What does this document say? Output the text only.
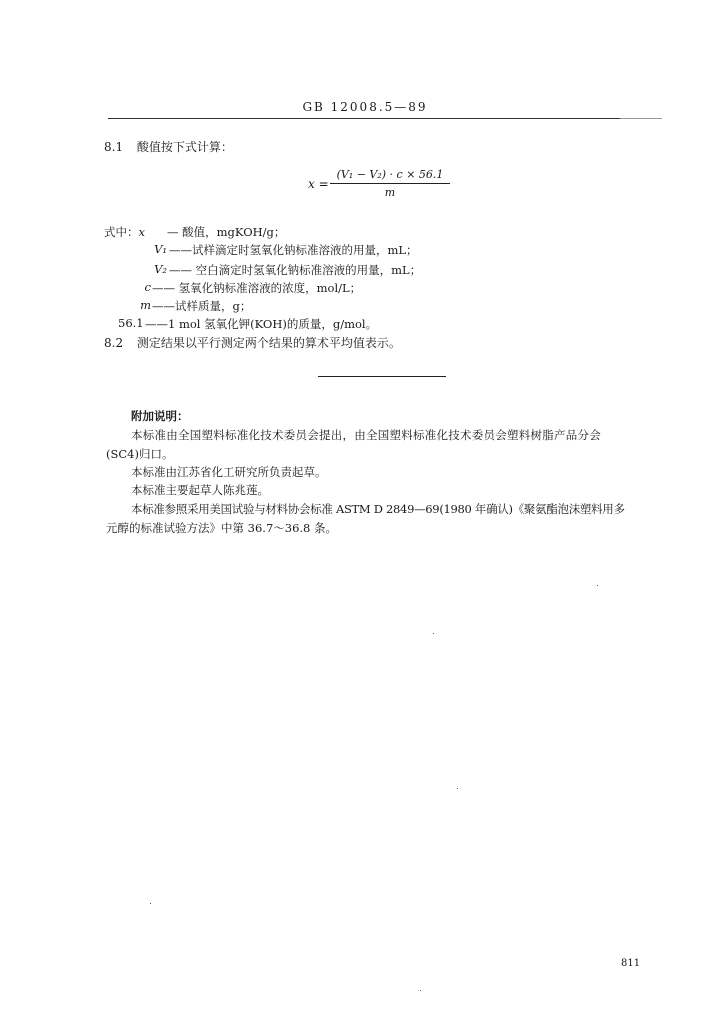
GB 12008.5—89
8.1 酸值按下式计算：
$x = \frac{\text{(V₁ − V₂) · c × 56.1}}{m}$
式中：x — 酸值，mgKOH/g；
V₁ ——试样滴定时氢氧化钠标准溶液的用量，mL；
V₂ —— 空白滴定时氢氧化钠标准溶液的用量，mL；
c —— 氢氧化钠标准溶液的浓度，mol/L；
m ——试样质量，g；
56.1 ——1 mol 氢氧化钾(KOH)的质量，g/mol。
8.2 测定结果以平行测定两个结果的算术平均值表示。
附加说明：
本标准由全国塑料标准化技术委员会提出，由全国塑料标准化技术委员会塑料树脂产品分会
(SC4)归口。
本标准由江苏省化工研究所负责起草。
本标准主要起草人陈兆莲。
本标准参照采用美国试验与材料协会标准 ASTM D 2849—69(1980 年确认)《聚氨酯泡沫塑料用多
元醇的标准试验方法》中第 36.7～36.8 条。
811
